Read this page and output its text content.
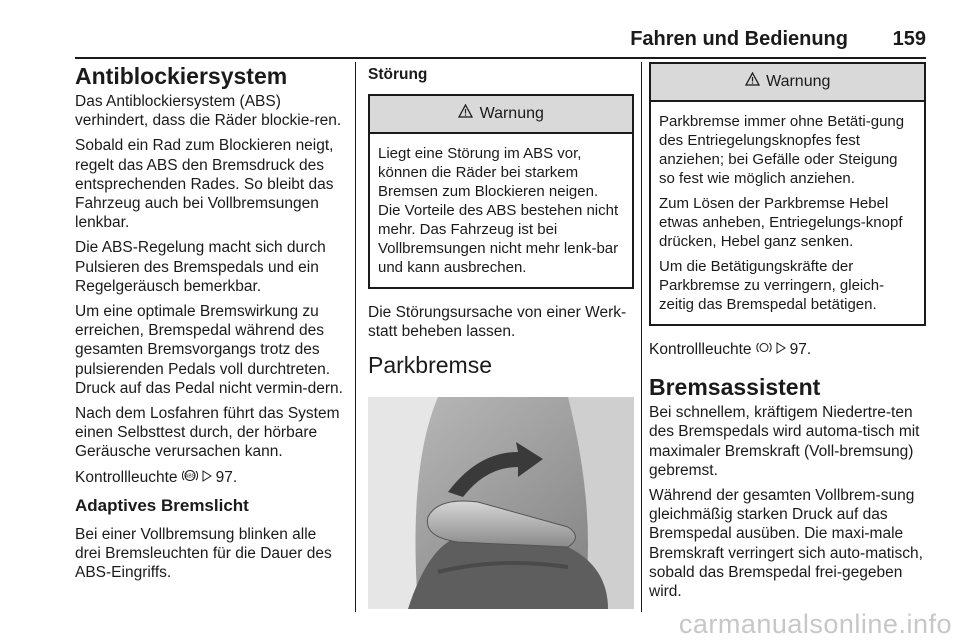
Fahren und Bedienung 159
Antiblockiersystem

Das Antiblockiersystem (ABS) verhindert, dass die Räder blockie-ren.

Sobald ein Rad zum Blockieren neigt, regelt das ABS den Bremsdruck des entsprechenden Rades. So bleibt das Fahrzeug auch bei Vollbremsungen lenkbar.

Die ABS-Regelung macht sich durch Pulsieren des Bremspedals und ein Regelgeräusch bemerkbar.

Um eine optimale Bremswirkung zu erreichen, Bremspedal während des gesamten Bremsvorgangs trotz des pulsierenden Pedals voll durchtreten. Druck auf das Pedal nicht vermin-dern.

Nach dem Losfahren führt das System einen Selbsttest durch, der hörbare Geräusche verursachen kann.

Kontrollleuchte ABS 97.

Adaptives Bremslicht

Bei einer Vollbremsung blinken alle drei Bremsleuchten für die Dauer des ABS-Eingriffs.

Störung
Warnung

Liegt eine Störung im ABS vor, können die Räder bei starkem Bremsen zum Blockieren neigen. Die Vorteile des ABS bestehen nicht mehr. Das Fahrzeug ist bei Vollbremsungen nicht mehr lenk-bar und kann ausbrechen.

Die Störungsursache von einer Werk-statt beheben lassen.

Parkbremse
Warnung

Parkbremse immer ohne Betäti-gung des Entriegelungsknopfes fest anziehen; bei Gefälle oder Steigung so fest wie möglich anziehen.

Zum Lösen der Parkbremse Hebel etwas anheben, Entriegelungs-knopf drücken, Hebel ganz senken.

Um die Betätigungskräfte der Parkbremse zu verringern, gleich-zeitig das Bremspedal betätigen.

Kontrollleuchte 97.

Bremsassistent

Bei schnellem, kräftigem Niedertre-ten des Bremspedals wird automa-tisch mit maximaler Bremskraft (Voll-bremsung) gebremst.

Während der gesamten Vollbrem-sung gleichmäßig starken Druck auf das Bremspedal ausüben. Die maxi-male Bremskraft verringert sich auto-matisch, sobald das Bremspedal frei-gegeben wird.

carmanualsonline.info
